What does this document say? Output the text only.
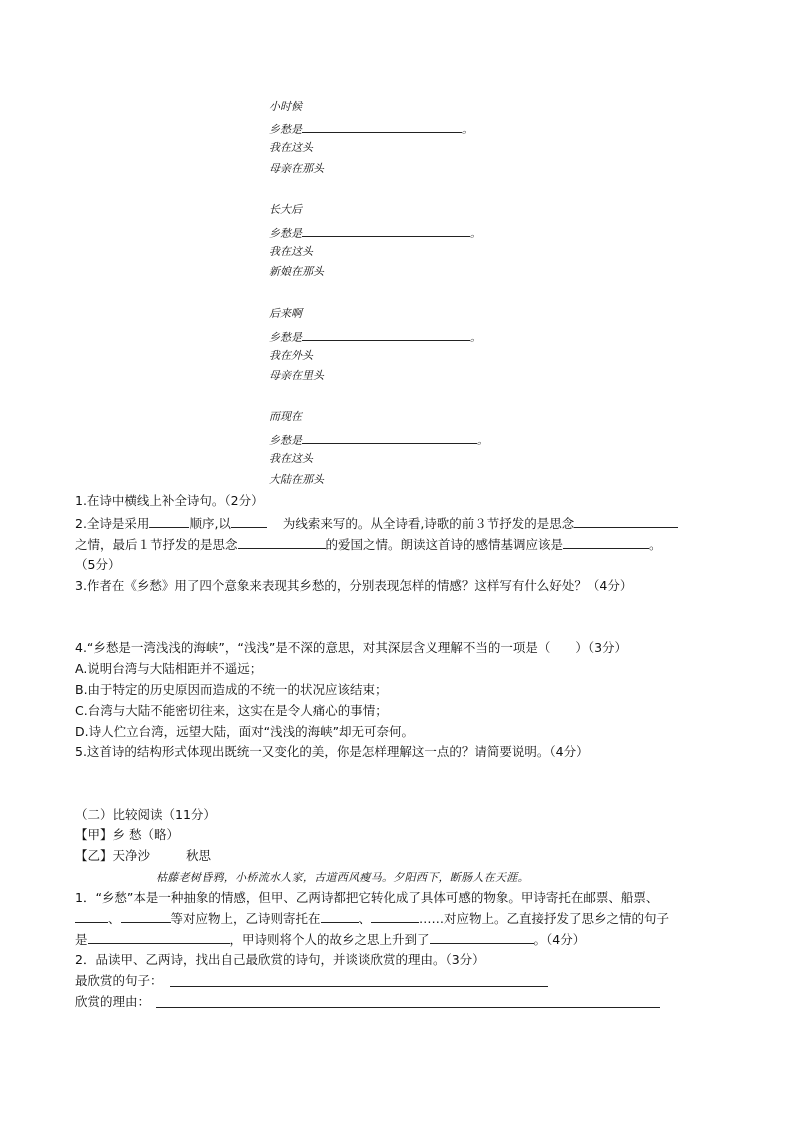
小时候
乡愁是	。
我在这头
母亲在那头
长大后
乡愁是	。
我在这头
新娘在那头
后来啊
乡愁是	。
我在外头
母亲在里头
而现在
乡愁是	。
我在这头
大陆在那头
1.在诗中横线上补全诗句。（2分）
2.全诗是采用	顺序,以	为线索来写的。从全诗看,诗歌的前３节抒发的是思念
之情，最后１节抒发的是思念	的爱国之情。朗读这首诗的感情基调应该是	。
（5分）
3.作者在《乡愁》用了四个意象来表现其乡愁的，分别表现怎样的情感？这样写有什么好处？（4分）
4.“乡愁是一湾浅浅的海峡”，“浅浅”是不深的意思，对其深层含义理解不当的一项是（　　）（3分）
A.说明台湾与大陆相距并不遥远；
B.由于特定的历史原因而造成的不统一的状况应该结束；
C.台湾与大陆不能密切往来，这实在是令人痛心的事情；
D.诗人伫立台湾，远望大陆，面对“浅浅的海峡”却无可奈何。
5.这首诗的结构形式体现出既统一又变化的美，你是怎样理解这一点的？请简要说明。（4分）
（二）比较阅读（11分）
【甲】乡 愁（略）
【乙】天净沙	秋思
枯藤老树昏鸦，小桥流水人家，古道西风瘦马。夕阳西下，断肠人在天涯。
1．“乡愁”本是一种抽象的情感，但甲、乙两诗都把它转化成了具体可感的物象。甲诗寄托在邮票、船票、
、	等对应物上，乙诗则寄托在	、	……对应物上。乙直接抒发了思乡之情的句子
是	，甲诗则将个人的故乡之思上升到了	。（4分）
2．品读甲、乙两诗，找出自己最欣赏的诗句，并谈谈欣赏的理由。（3分）
最欣赏的句子：
欣赏的理由：
